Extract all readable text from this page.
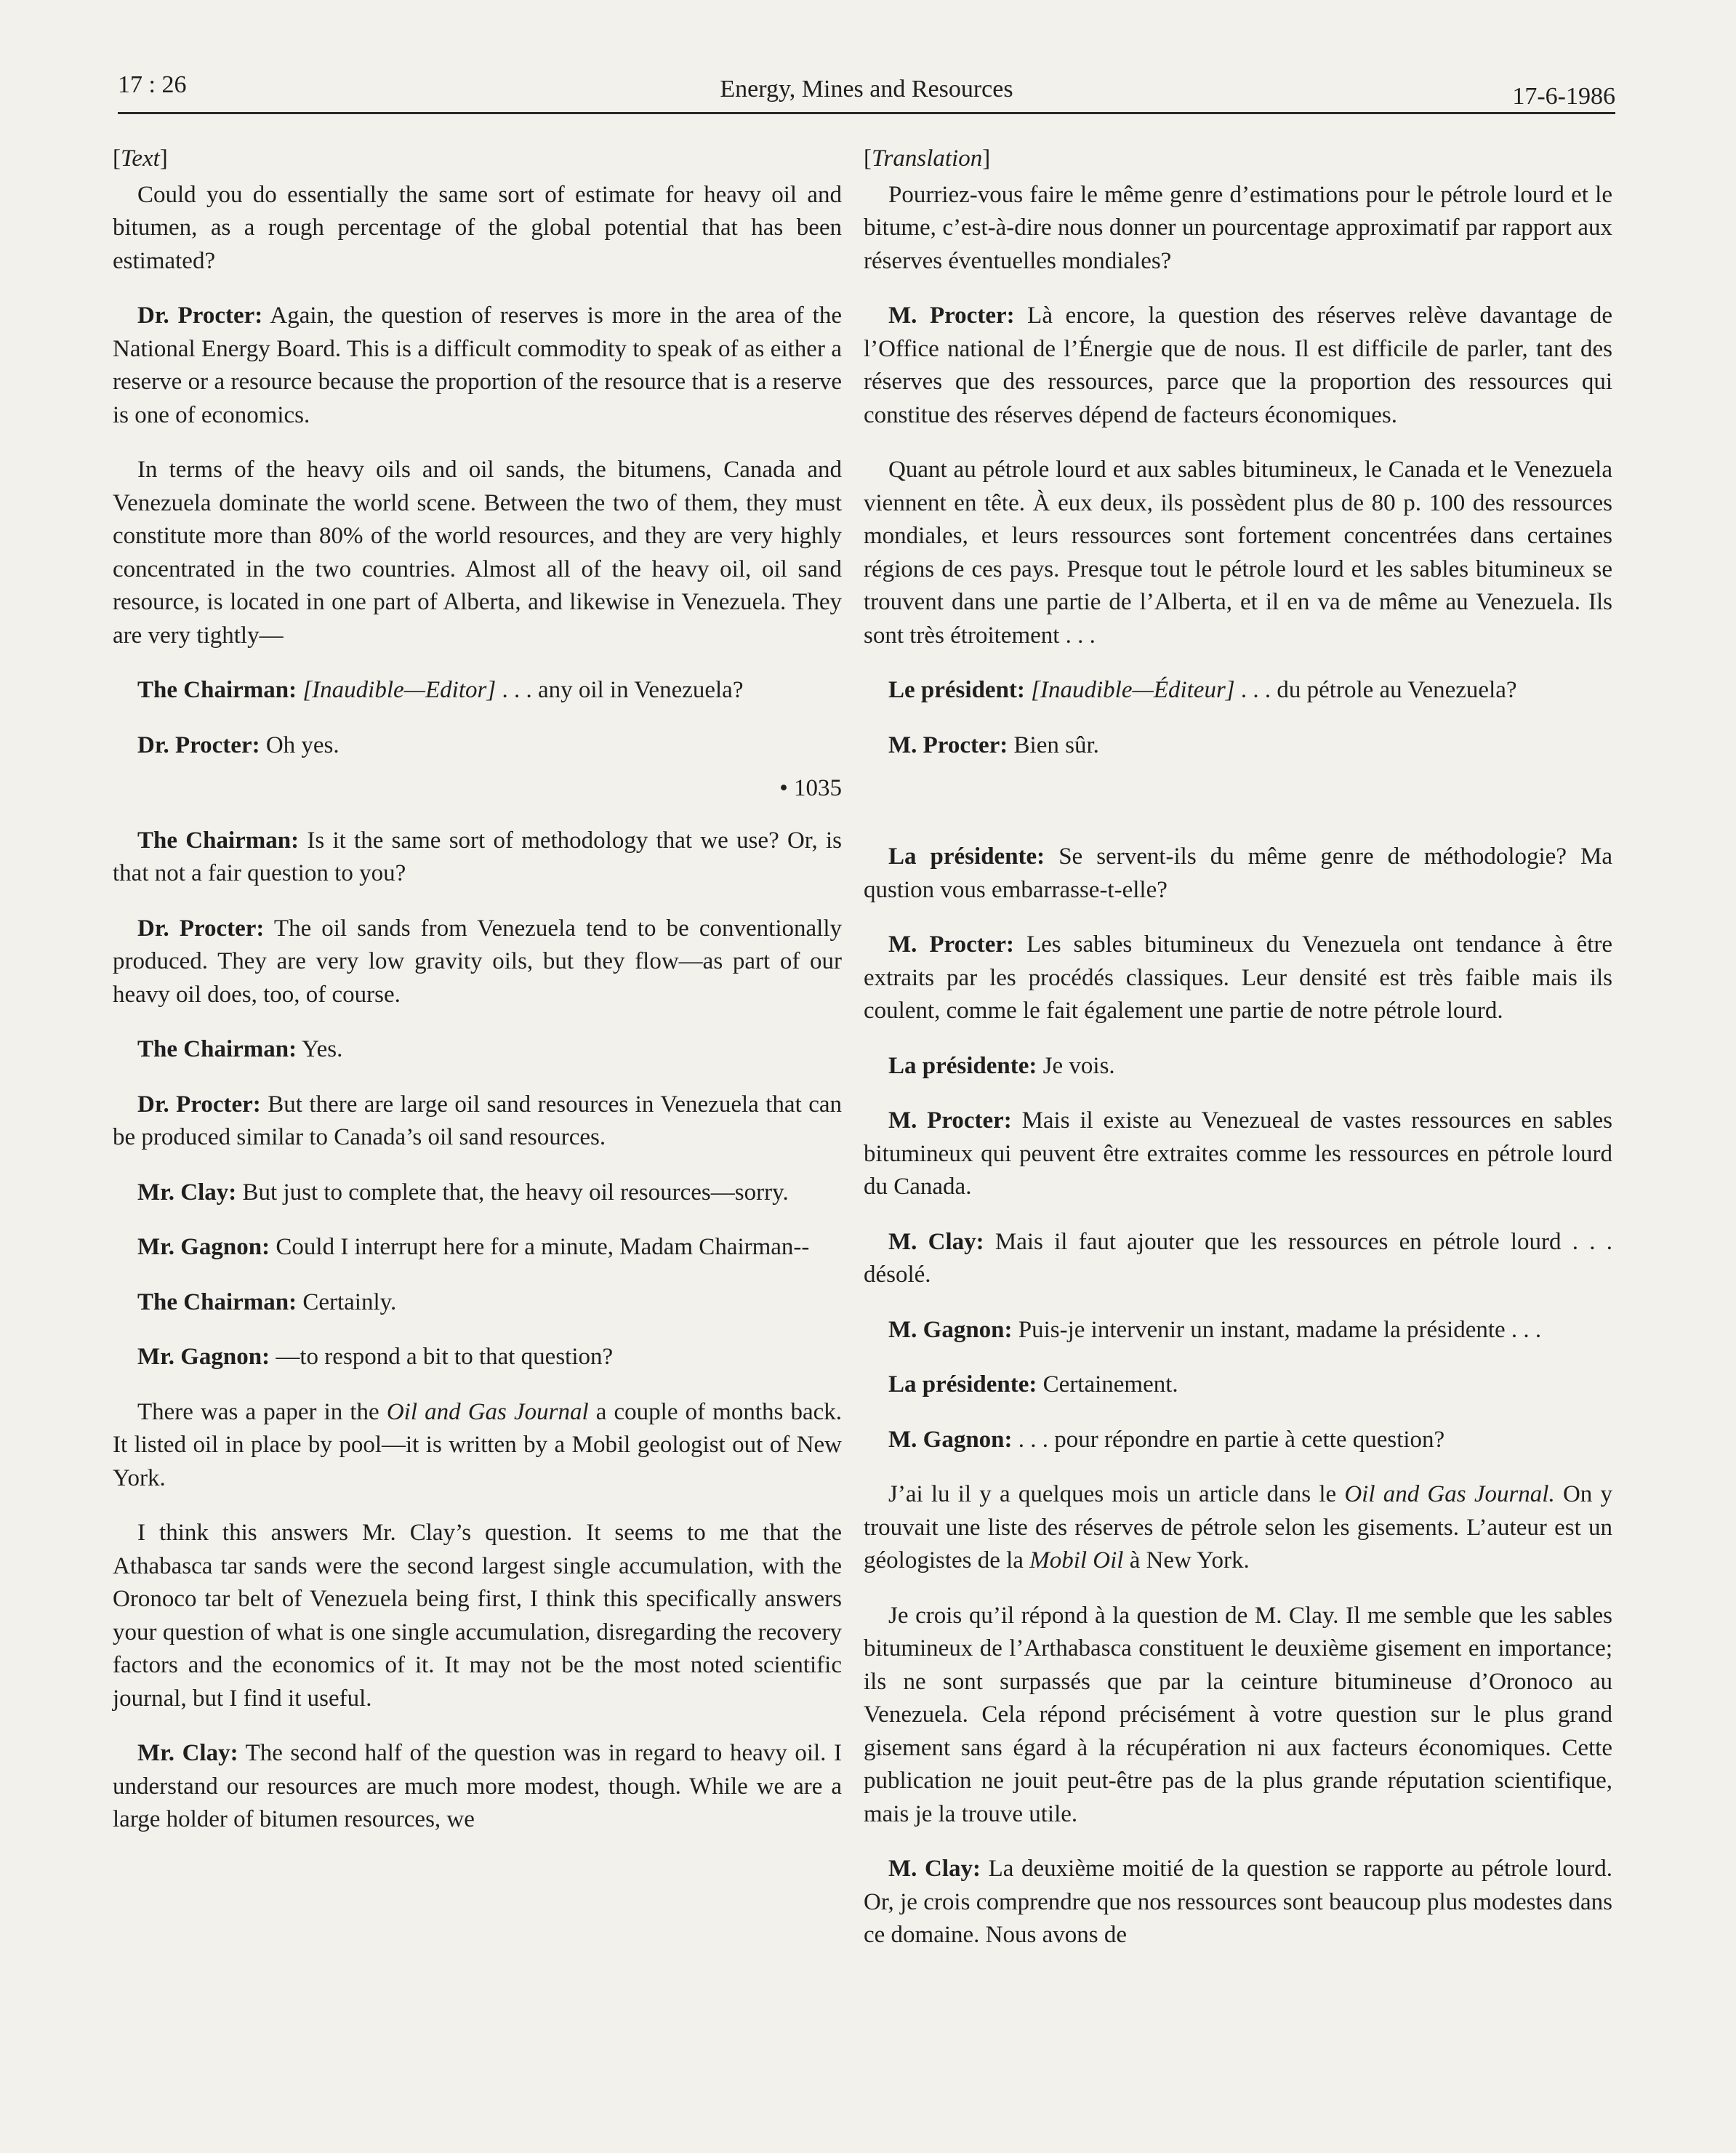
17 : 26	Energy, Mines and Resources	17-6-1986

[Text]

Could you do essentially the same sort of estimate for heavy oil and bitumen, as a rough percentage of the global potential that has been estimated?

Dr. Procter: Again, the question of reserves is more in the area of the National Energy Board. This is a difficult commodity to speak of as either a reserve or a resource because the proportion of the resource that is a reserve is one of economics.

In terms of the heavy oils and oil sands, the bitumens, Canada and Venezuela dominate the world scene. Between the two of them, they must constitute more than 80% of the world resources, and they are very highly concentrated in the two countries. Almost all of the heavy oil, oil sand resource, is located in one part of Alberta, and likewise in Venezuela. They are very tightly—

The Chairman: [Inaudible—Editor] . . . any oil in Venezuela?

Dr. Procter: Oh yes.

• 1035

The Chairman: Is it the same sort of methodology that we use? Or, is that not a fair question to you?

Dr. Procter: The oil sands from Venezuela tend to be conventionally produced. They are very low gravity oils, but they flow—as part of our heavy oil does, too, of course.

The Chairman: Yes.

Dr. Procter: But there are large oil sand resources in Venezuela that can be produced similar to Canada’s oil sand resources.

Mr. Clay: But just to complete that, the heavy oil resources—sorry.

Mr. Gagnon: Could I interrupt here for a minute, Madam Chairman--

The Chairman: Certainly.

Mr. Gagnon: —to respond a bit to that question?

There was a paper in the Oil and Gas Journal a couple of months back. It listed oil in place by pool—it is written by a Mobil geologist out of New York.

I think this answers Mr. Clay’s question. It seems to me that the Athabasca tar sands were the second largest single accumulation, with the Oronoco tar belt of Venezuela being first, I think this specifically answers your question of what is one single accumulation, disregarding the recovery factors and the economics of it. It may not be the most noted scientific journal, but I find it useful.

Mr. Clay: The second half of the question was in regard to heavy oil. I understand our resources are much more modest, though. While we are a large holder of bitumen resources, we

[Translation]

Pourriez-vous faire le même genre d’estimations pour le pétrole lourd et le bitume, c’est-à-dire nous donner un pourcentage approximatif par rapport aux réserves éventuelles mondiales?

M. Procter: Là encore, la question des réserves relève davantage de l’Office national de l’Énergie que de nous. Il est difficile de parler, tant des réserves que des ressources, parce que la proportion des ressources qui constitue des réserves dépend de facteurs économiques.

Quant au pétrole lourd et aux sables bitumineux, le Canada et le Venezuela viennent en tête. À eux deux, ils possèdent plus de 80 p. 100 des ressources mondiales, et leurs ressources sont fortement concentrées dans certaines régions de ces pays. Presque tout le pétrole lourd et les sables bitumineux se trouvent dans une partie de l’Alberta, et il en va de même au Venezuela. Ils sont très étroitement . . .

Le président: [Inaudible—Éditeur] . . . du pétrole au Venezuela?

M. Procter: Bien sûr.

La présidente: Se servent-ils du même genre de méthodologie? Ma qustion vous embarrasse-t-elle?

M. Procter: Les sables bitumineux du Venezuela ont tendance à être extraits par les procédés classiques. Leur densité est très faible mais ils coulent, comme le fait également une partie de notre pétrole lourd.

La présidente: Je vois.

M. Procter: Mais il existe au Venezueal de vastes ressources en sables bitumineux qui peuvent être extraites comme les ressources en pétrole lourd du Canada.

M. Clay: Mais il faut ajouter que les ressources en pétrole lourd . . . désolé.

M. Gagnon: Puis-je intervenir un instant, madame la présidente . . .

La présidente: Certainement.

M. Gagnon: . . . pour répondre en partie à cette question?

J’ai lu il y a quelques mois un article dans le Oil and Gas Journal. On y trouvait une liste des réserves de pétrole selon les gisements. L’auteur est un géologistes de la Mobil Oil à New York.

Je crois qu’il répond à la question de M. Clay. Il me semble que les sables bitumineux de l’Arthabasca constituent le deuxième gisement en importance; ils ne sont surpassés que par la ceinture bitumineuse d’Oronoco au Venezuela. Cela répond précisément à votre question sur le plus grand gisement sans égard à la récupération ni aux facteurs économiques. Cette publication ne jouit peut-être pas de la plus grande réputation scientifique, mais je la trouve utile.

M. Clay: La deuxième moitié de la question se rapporte au pétrole lourd. Or, je crois comprendre que nos ressources sont beaucoup plus modestes dans ce domaine. Nous avons de
